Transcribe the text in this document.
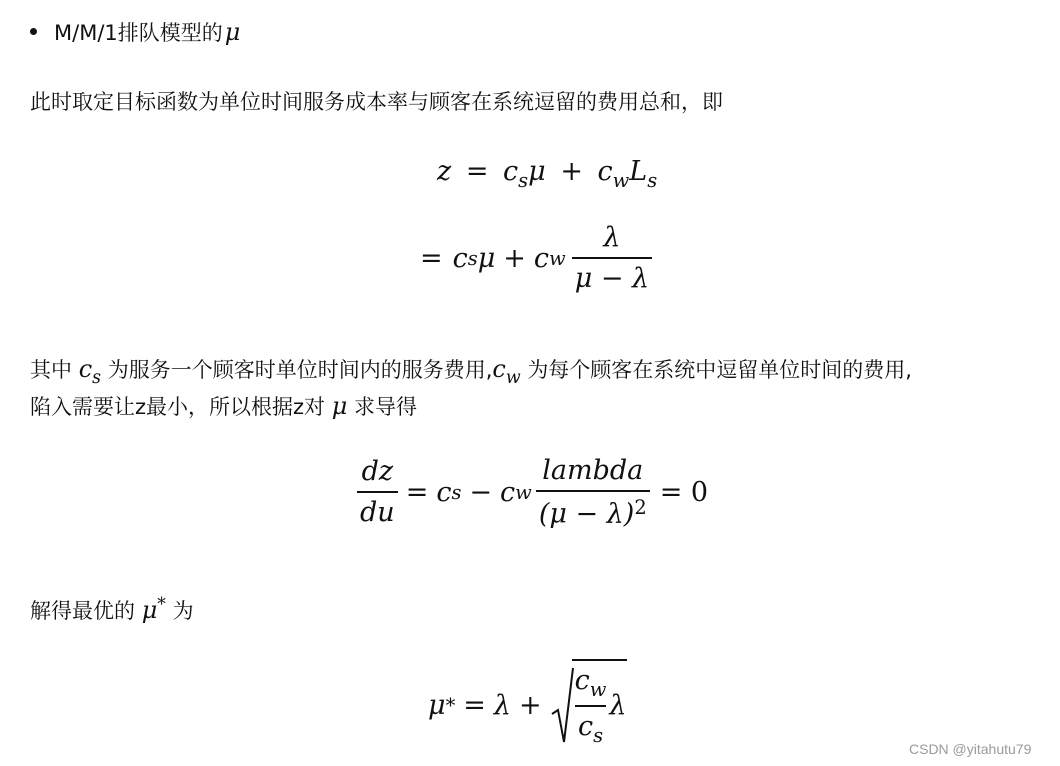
M/M/1排队模型的μ
此时取定目标函数为单位时间服务成本率与顾客在系统逗留的费用总和，即
$z = c_s\mu + c_wL_s$
= c s μ + c w $\frac{\lambda}{\mu - \lambda}$
其中 $c_s$ 为服务一个顾客时单位时间内的服务费用$,c_w$ 为每个顾客在系统中逗留单位时间的费用,
陷入需要让z最小，所以根据z对 μ 求导得
$\frac{dz}{du} = c$ s − c w $\frac{\text{lambda}}{(\mu - \lambda)^2} = 0$
解得最优的 μ* 为
μ * = $\lambda + \frac{c_w}{c_s}$ λ
CSDN @yitahutu79
